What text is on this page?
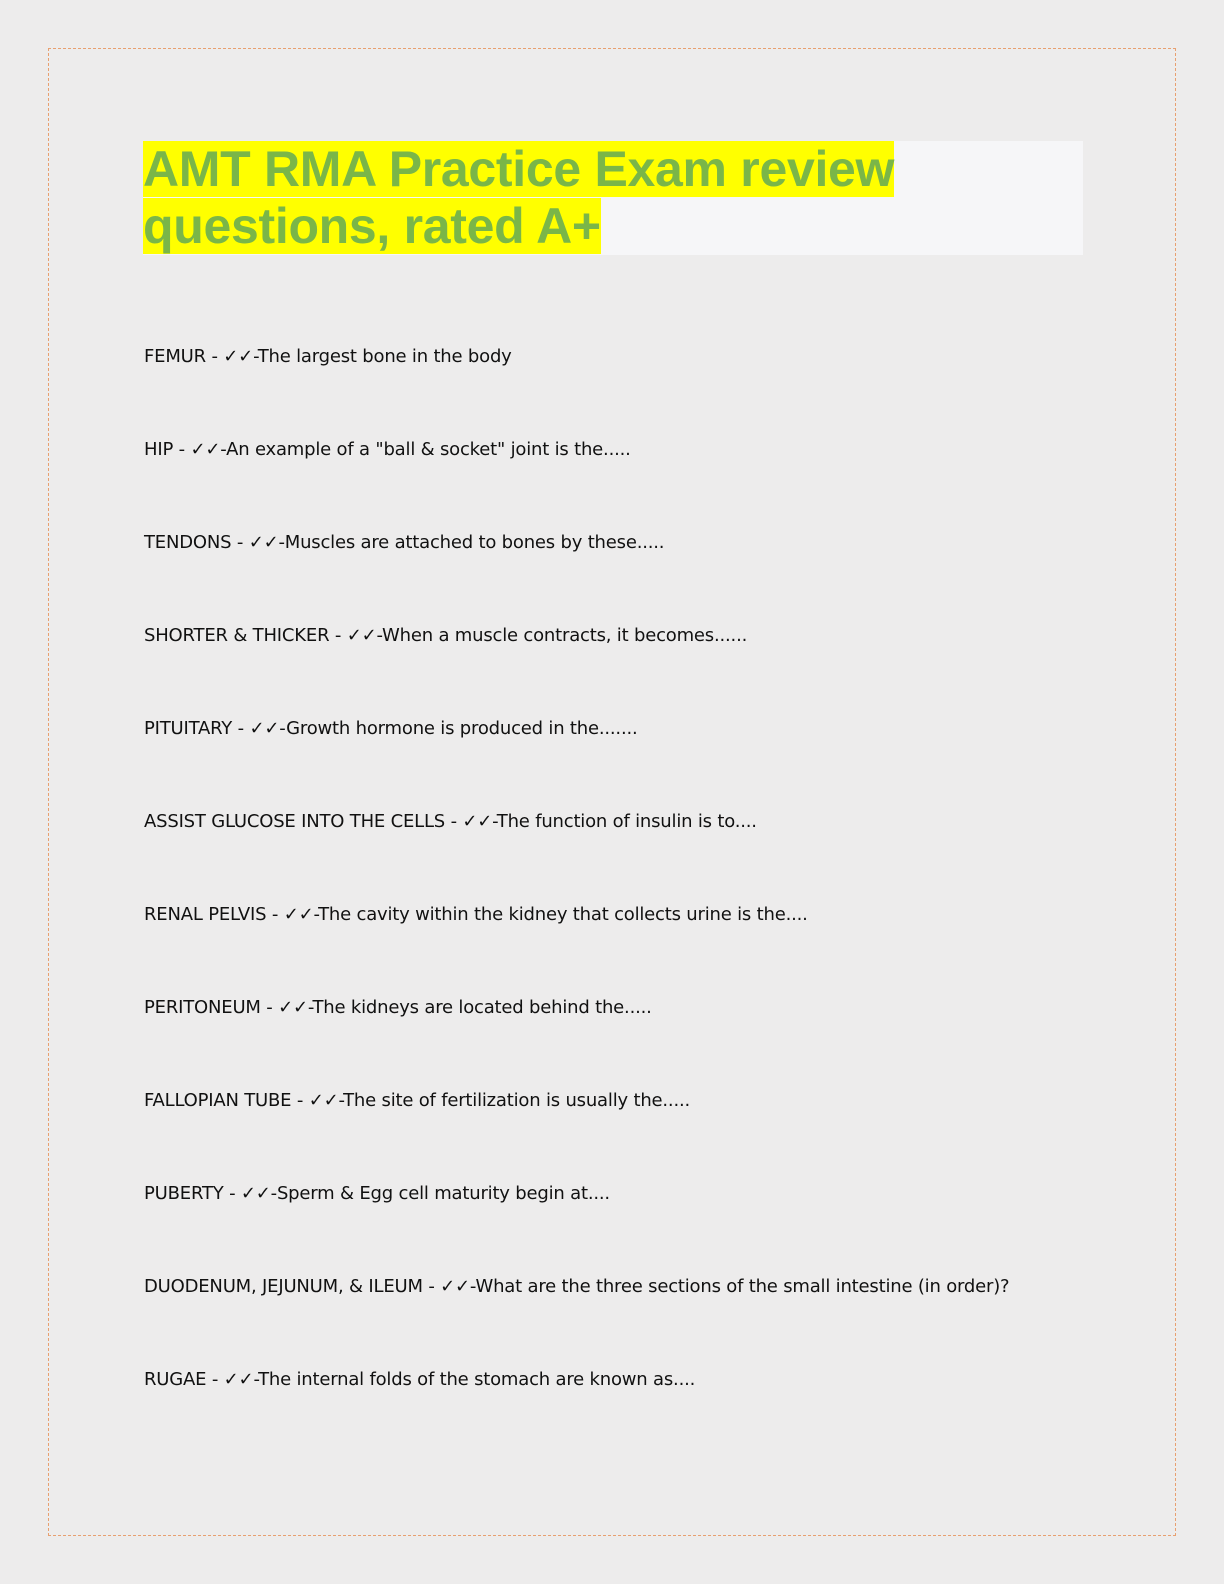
AMT RMA Practice Exam review questions, rated A+
FEMUR - ✓✓-The largest bone in the body
HIP - ✓✓-An example of a "ball & socket" joint is the.....
TENDONS - ✓✓-Muscles are attached to bones by these.....
SHORTER & THICKER - ✓✓-When a muscle contracts, it becomes......
PITUITARY - ✓✓-Growth hormone is produced in the.......
ASSIST GLUCOSE INTO THE CELLS - ✓✓-The function of insulin is to....
RENAL PELVIS - ✓✓-The cavity within the kidney that collects urine is the....
PERITONEUM - ✓✓-The kidneys are located behind the.....
FALLOPIAN TUBE - ✓✓-The site of fertilization is usually the.....
PUBERTY - ✓✓-Sperm & Egg cell maturity begin at....
DUODENUM, JEJUNUM, & ILEUM - ✓✓-What are the three sections of the small intestine (in order)?
RUGAE - ✓✓-The internal folds of the stomach are known as....
